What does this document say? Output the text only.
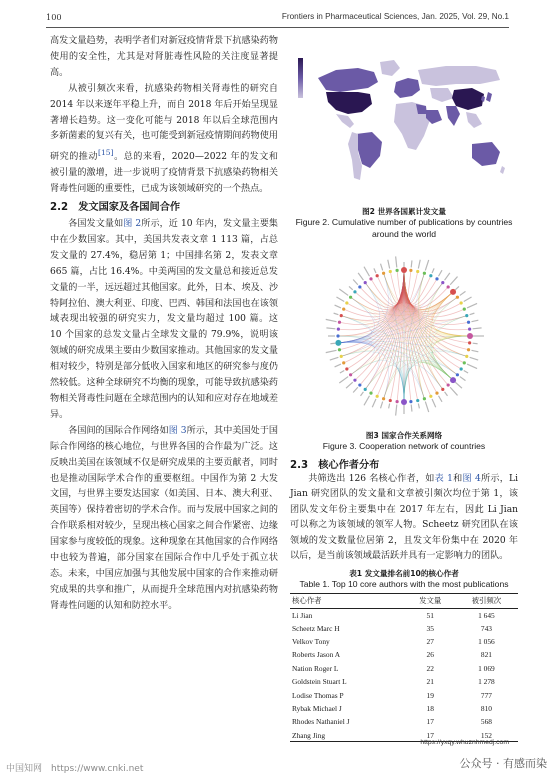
100	Frontiers in Pharmaceutical Sciences, Jan. 2025, Vol. 29, No.1

高发文量趋势，表明学者们对新冠疫情背景下抗感染药物使用的安全性，尤其是对肾脏毒性风险的关注度显著提高。

从被引频次来看，抗感染药物相关肾毒性的研究自 2014 年以来逐年平稳上升，而自 2018 年后开始呈现显著增长趋势。这一变化可能与 2018 年以后全球范围内多新菌素的复兴有关，也可能受到新冠疫情期间药物使用研究的推动[15]。总的来看，2020—2022 年的发文和被引量的激增，进一步说明了疫情背景下抗感染药物相关肾毒性问题的重要性，已成为该领域研究的一个热点。

2.2　发文国家及各国间合作

各国发文量如图 2所示，近 10 年内，发文量主要集中在少数国家。其中，美国共发表文章 1 113 篇，占总发文量的 27.4%，稳居第 1；中国排名第 2，发表文章 665 篇，占比 16.4%。中美两国的发文量总和接近总发文量的一半，远远超过其他国家。此外，日本、埃及、沙特阿拉伯、澳大利亚、印度、巴西、韩国和法国也在该领域表现出较强的研究实力，发文量均超过 100 篇。这 10 个国家的总发文量占全球发文量的 79.9%，说明该领域的研究成果主要由少数国家推动。其他国家的发文量相对较少，特别是部分低收入国家和地区的研究参与度仍然较低。这种全球研究不均衡的现象，可能导致抗感染药物相关肾毒性问题在全球范围内的认知和应对存在地域差异。

各国间的国际合作网络如图 3所示，其中美国处于国际合作网络的核心地位，与世界各国的合作最为广泛。这反映出美国在该领域不仅是研究成果的主要贡献者，同时也是推动国际学术合作的重要枢纽。中国作为第 2 大发文国，与世界主要发达国家（如美国、日本、澳大利亚、英国等）保持着密切的学术合作。而与发展中国家之间的合作联系相对较少，呈现出核心国家之间合作紧密、边缘国家参与度较低的现象。这种现象在其他国家的合作网络中也较为普遍，部分国家在国际合作中几乎处于孤立状态。未来，中国应加强与其他发展中国家的合作来推动研究成果的共享和推广，从而提升全球范围内对抗感染药物肾毒性问题的认知和防控水平。

图2 世界各国累计发文量
Figure 2. Cumulative number of publications by countries around the world
图3 国家合作关系网络
Figure 3. Cooperation network of countries
2.3　核心作者分布

共筛选出 126 名核心作者，如表 1和图 4所示，Li Jian 研究团队的发文量和文章被引频次均位于第 1，该团队发文年份主要集中在 2017 年左右，因此 Li Jian 可以称之为该领域的领军人物。Scheetz 研究团队在该领域的发文数量位居第 2，且发文年份集中在 2020 年以后，是当前该领域最活跃并具有一定影响力的团队。

表1 发文量排名前10的核心作者
Table 1. Top 10 core authors with the most publications
核心作者	发文量	被引频次
Li Jian	51	1 645
Scheetz Marc H	35	743
Velkov Tony	27	1 056
Roberts Jason A	26	821
Nation Roger L	22	1 069
Goldstein Stuart L	21	1 278
Lodise Thomas P	19	777
Rybak Michael J	18	810
Rhodes Nathaniel J	17	568
Zhang Jing	17	152
https://yxqy.whuznhmedj.com
中国知网　https://www.cnki.net	公众号 · 有感而染
